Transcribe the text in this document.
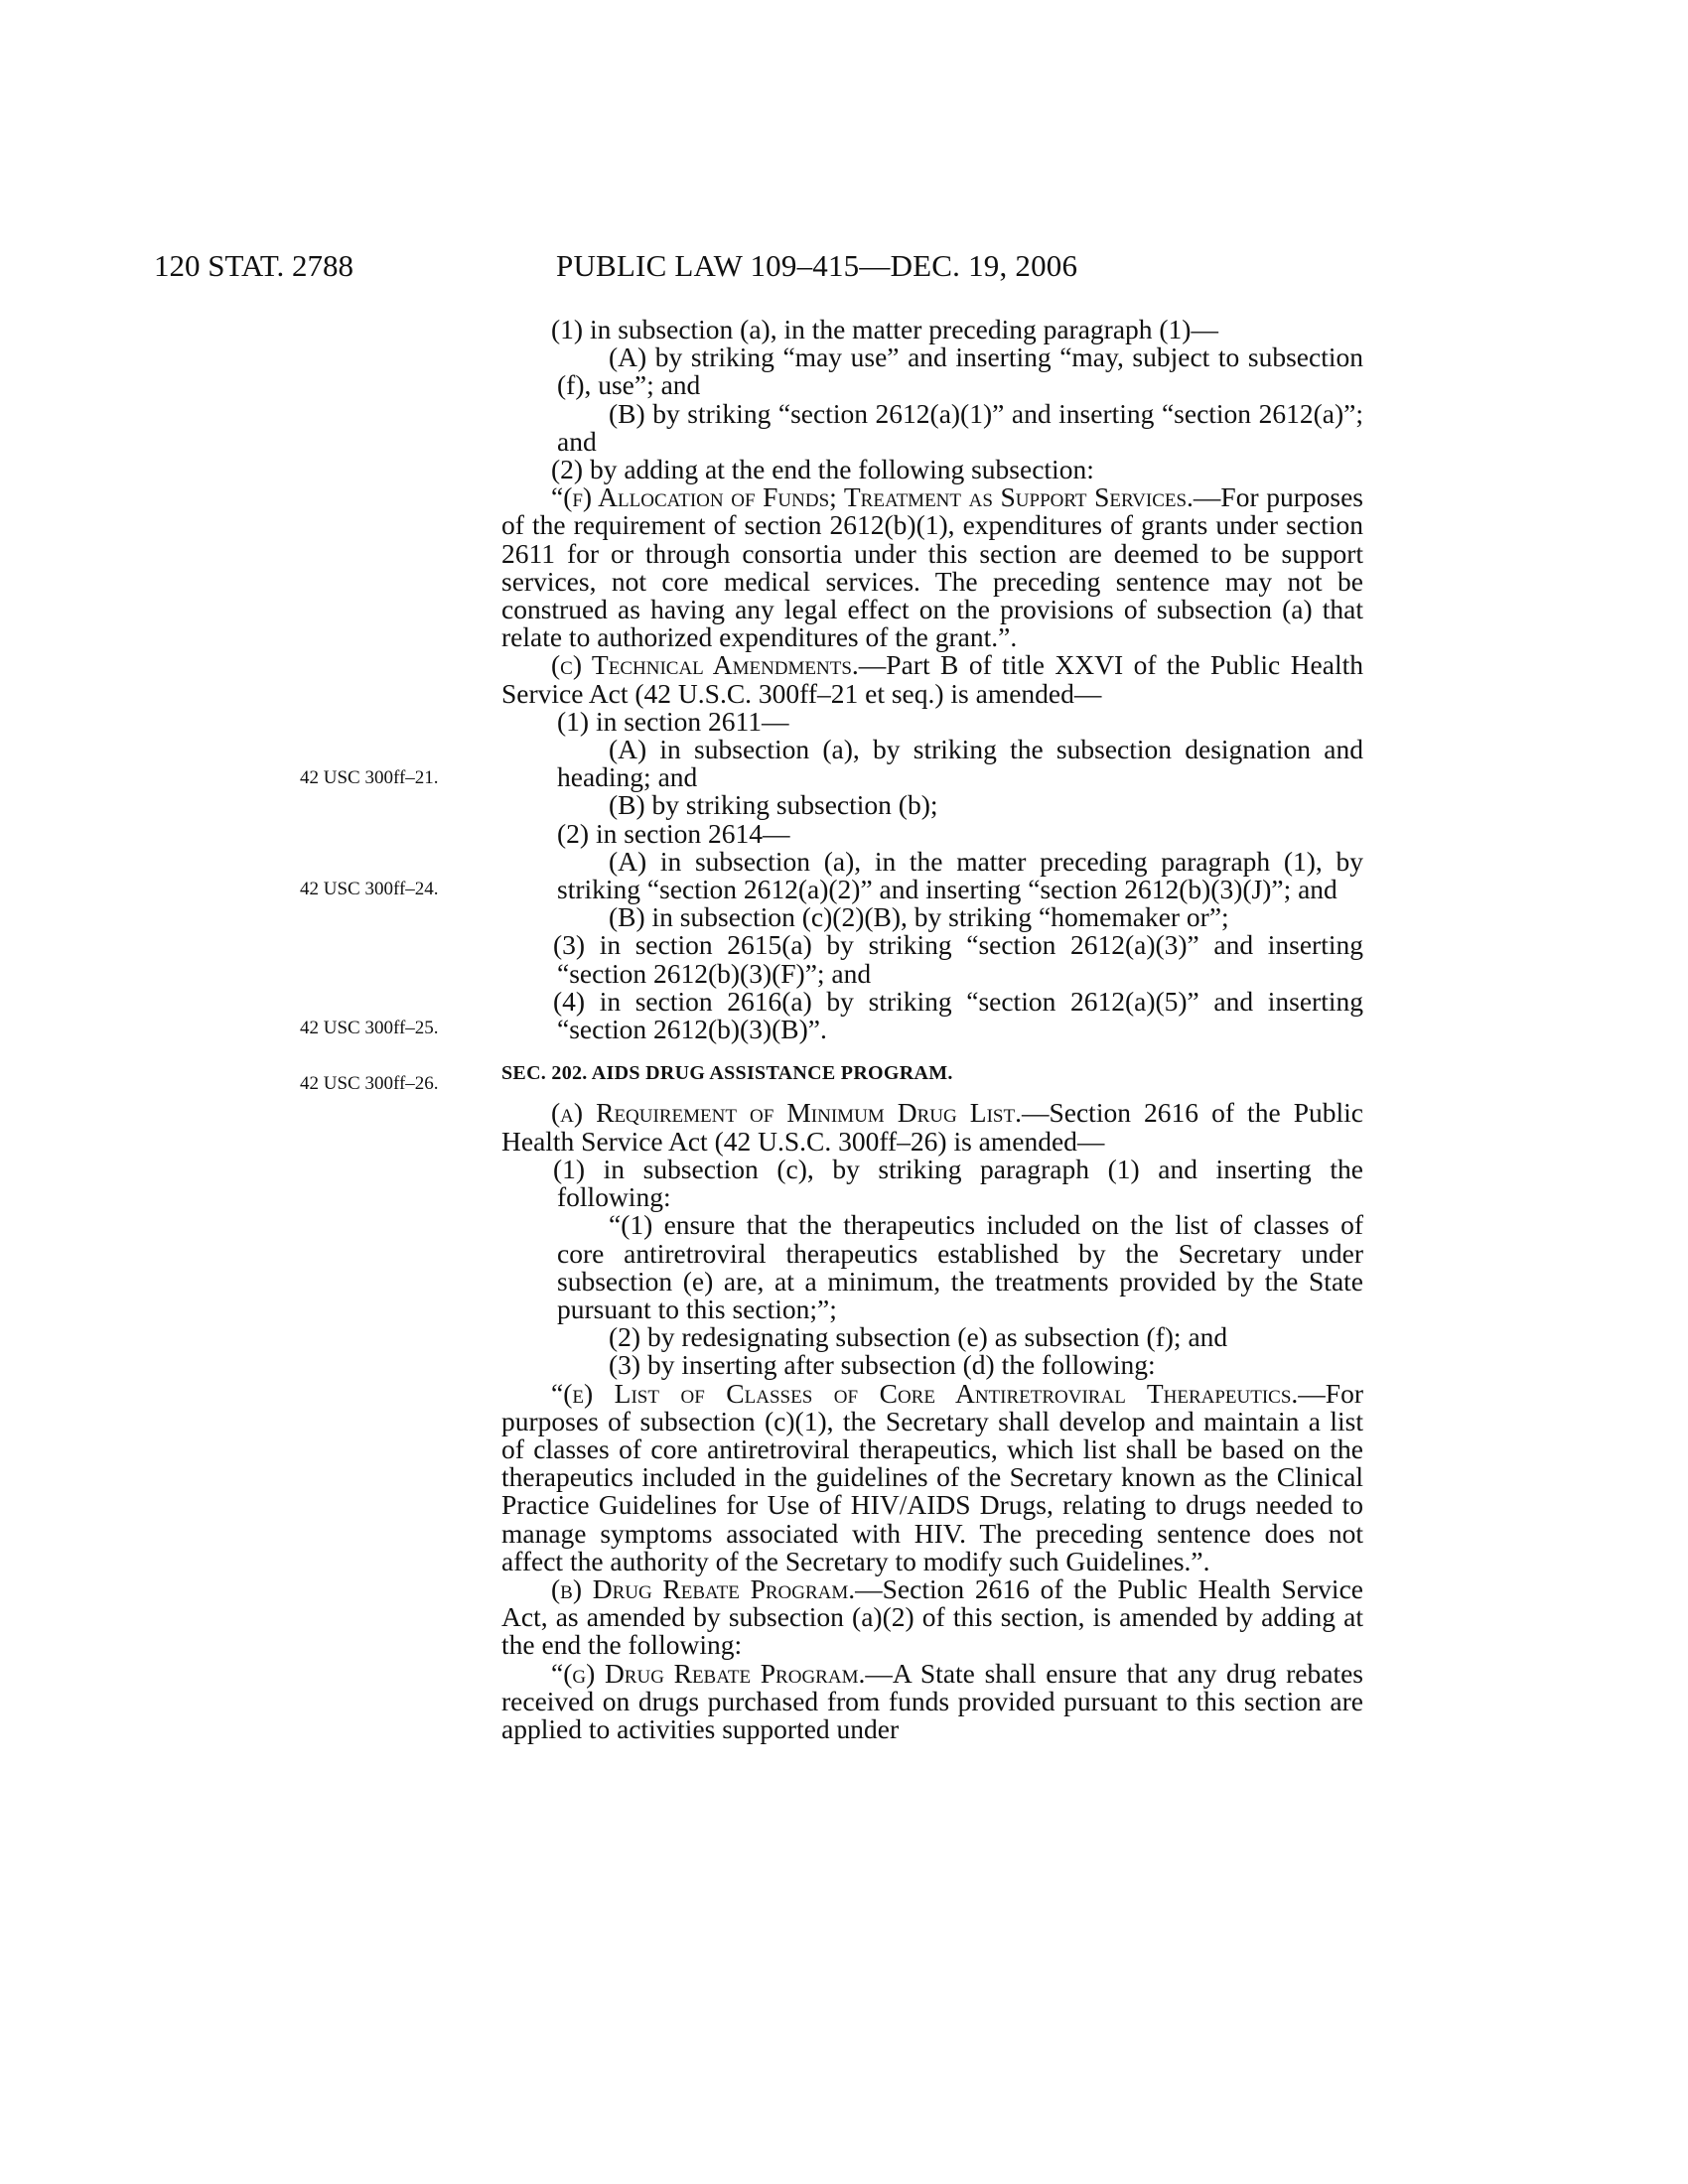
120 STAT. 2788	PUBLIC LAW 109–415—DEC. 19, 2006
42 USC 300ff–21.
42 USC 300ff–24.
42 USC 300ff–25.
42 USC 300ff–26.

(1) in subsection (a), in the matter preceding paragraph (1)—

(A) by striking “may use” and inserting “may, subject to subsection (f), use”; and

(B) by striking “section 2612(a)(1)” and inserting “section 2612(a)”; and

(2) by adding at the end the following subsection:

“(f) Allocation of Funds; Treatment as Support Services.—For purposes of the requirement of section 2612(b)(1), expenditures of grants under section 2611 for or through consortia under this section are deemed to be support services, not core medical services. The preceding sentence may not be construed as having any legal effect on the provisions of subsection (a) that relate to authorized expenditures of the grant.”.

(c) Technical Amendments.—Part B of title XXVI of the Public Health Service Act (42 U.S.C. 300ff–21 et seq.) is amended—

(1) in section 2611—

(A) in subsection (a), by striking the subsection designation and heading; and

(B) by striking subsection (b);

(2) in section 2614—

(A) in subsection (a), in the matter preceding paragraph (1), by striking “section 2612(a)(2)” and inserting “section 2612(b)(3)(J)”; and

(B) in subsection (c)(2)(B), by striking “homemaker or”;

(3) in section 2615(a) by striking “section 2612(a)(3)” and inserting “section 2612(b)(3)(F)”; and

(4) in section 2616(a) by striking “section 2612(a)(5)” and inserting “section 2612(b)(3)(B)”.

SEC. 202. AIDS DRUG ASSISTANCE PROGRAM.

(a) Requirement of Minimum Drug List.—Section 2616 of the Public Health Service Act (42 U.S.C. 300ff–26) is amended—

(1) in subsection (c), by striking paragraph (1) and inserting the following:

“(1) ensure that the therapeutics included on the list of classes of core antiretroviral therapeutics established by the Secretary under subsection (e) are, at a minimum, the treatments provided by the State pursuant to this section;”;

(2) by redesignating subsection (e) as subsection (f); and

(3) by inserting after subsection (d) the following:

“(e) List of Classes of Core Antiretroviral Therapeutics.—For purposes of subsection (c)(1), the Secretary shall develop and maintain a list of classes of core antiretroviral therapeutics, which list shall be based on the therapeutics included in the guidelines of the Secretary known as the Clinical Practice Guidelines for Use of HIV/AIDS Drugs, relating to drugs needed to manage symptoms associated with HIV. The preceding sentence does not affect the authority of the Secretary to modify such Guidelines.”.

(b) Drug Rebate Program.—Section 2616 of the Public Health Service Act, as amended by subsection (a)(2) of this section, is amended by adding at the end the following:

“(g) Drug Rebate Program.—A State shall ensure that any drug rebates received on drugs purchased from funds provided pursuant to this section are applied to activities supported under
